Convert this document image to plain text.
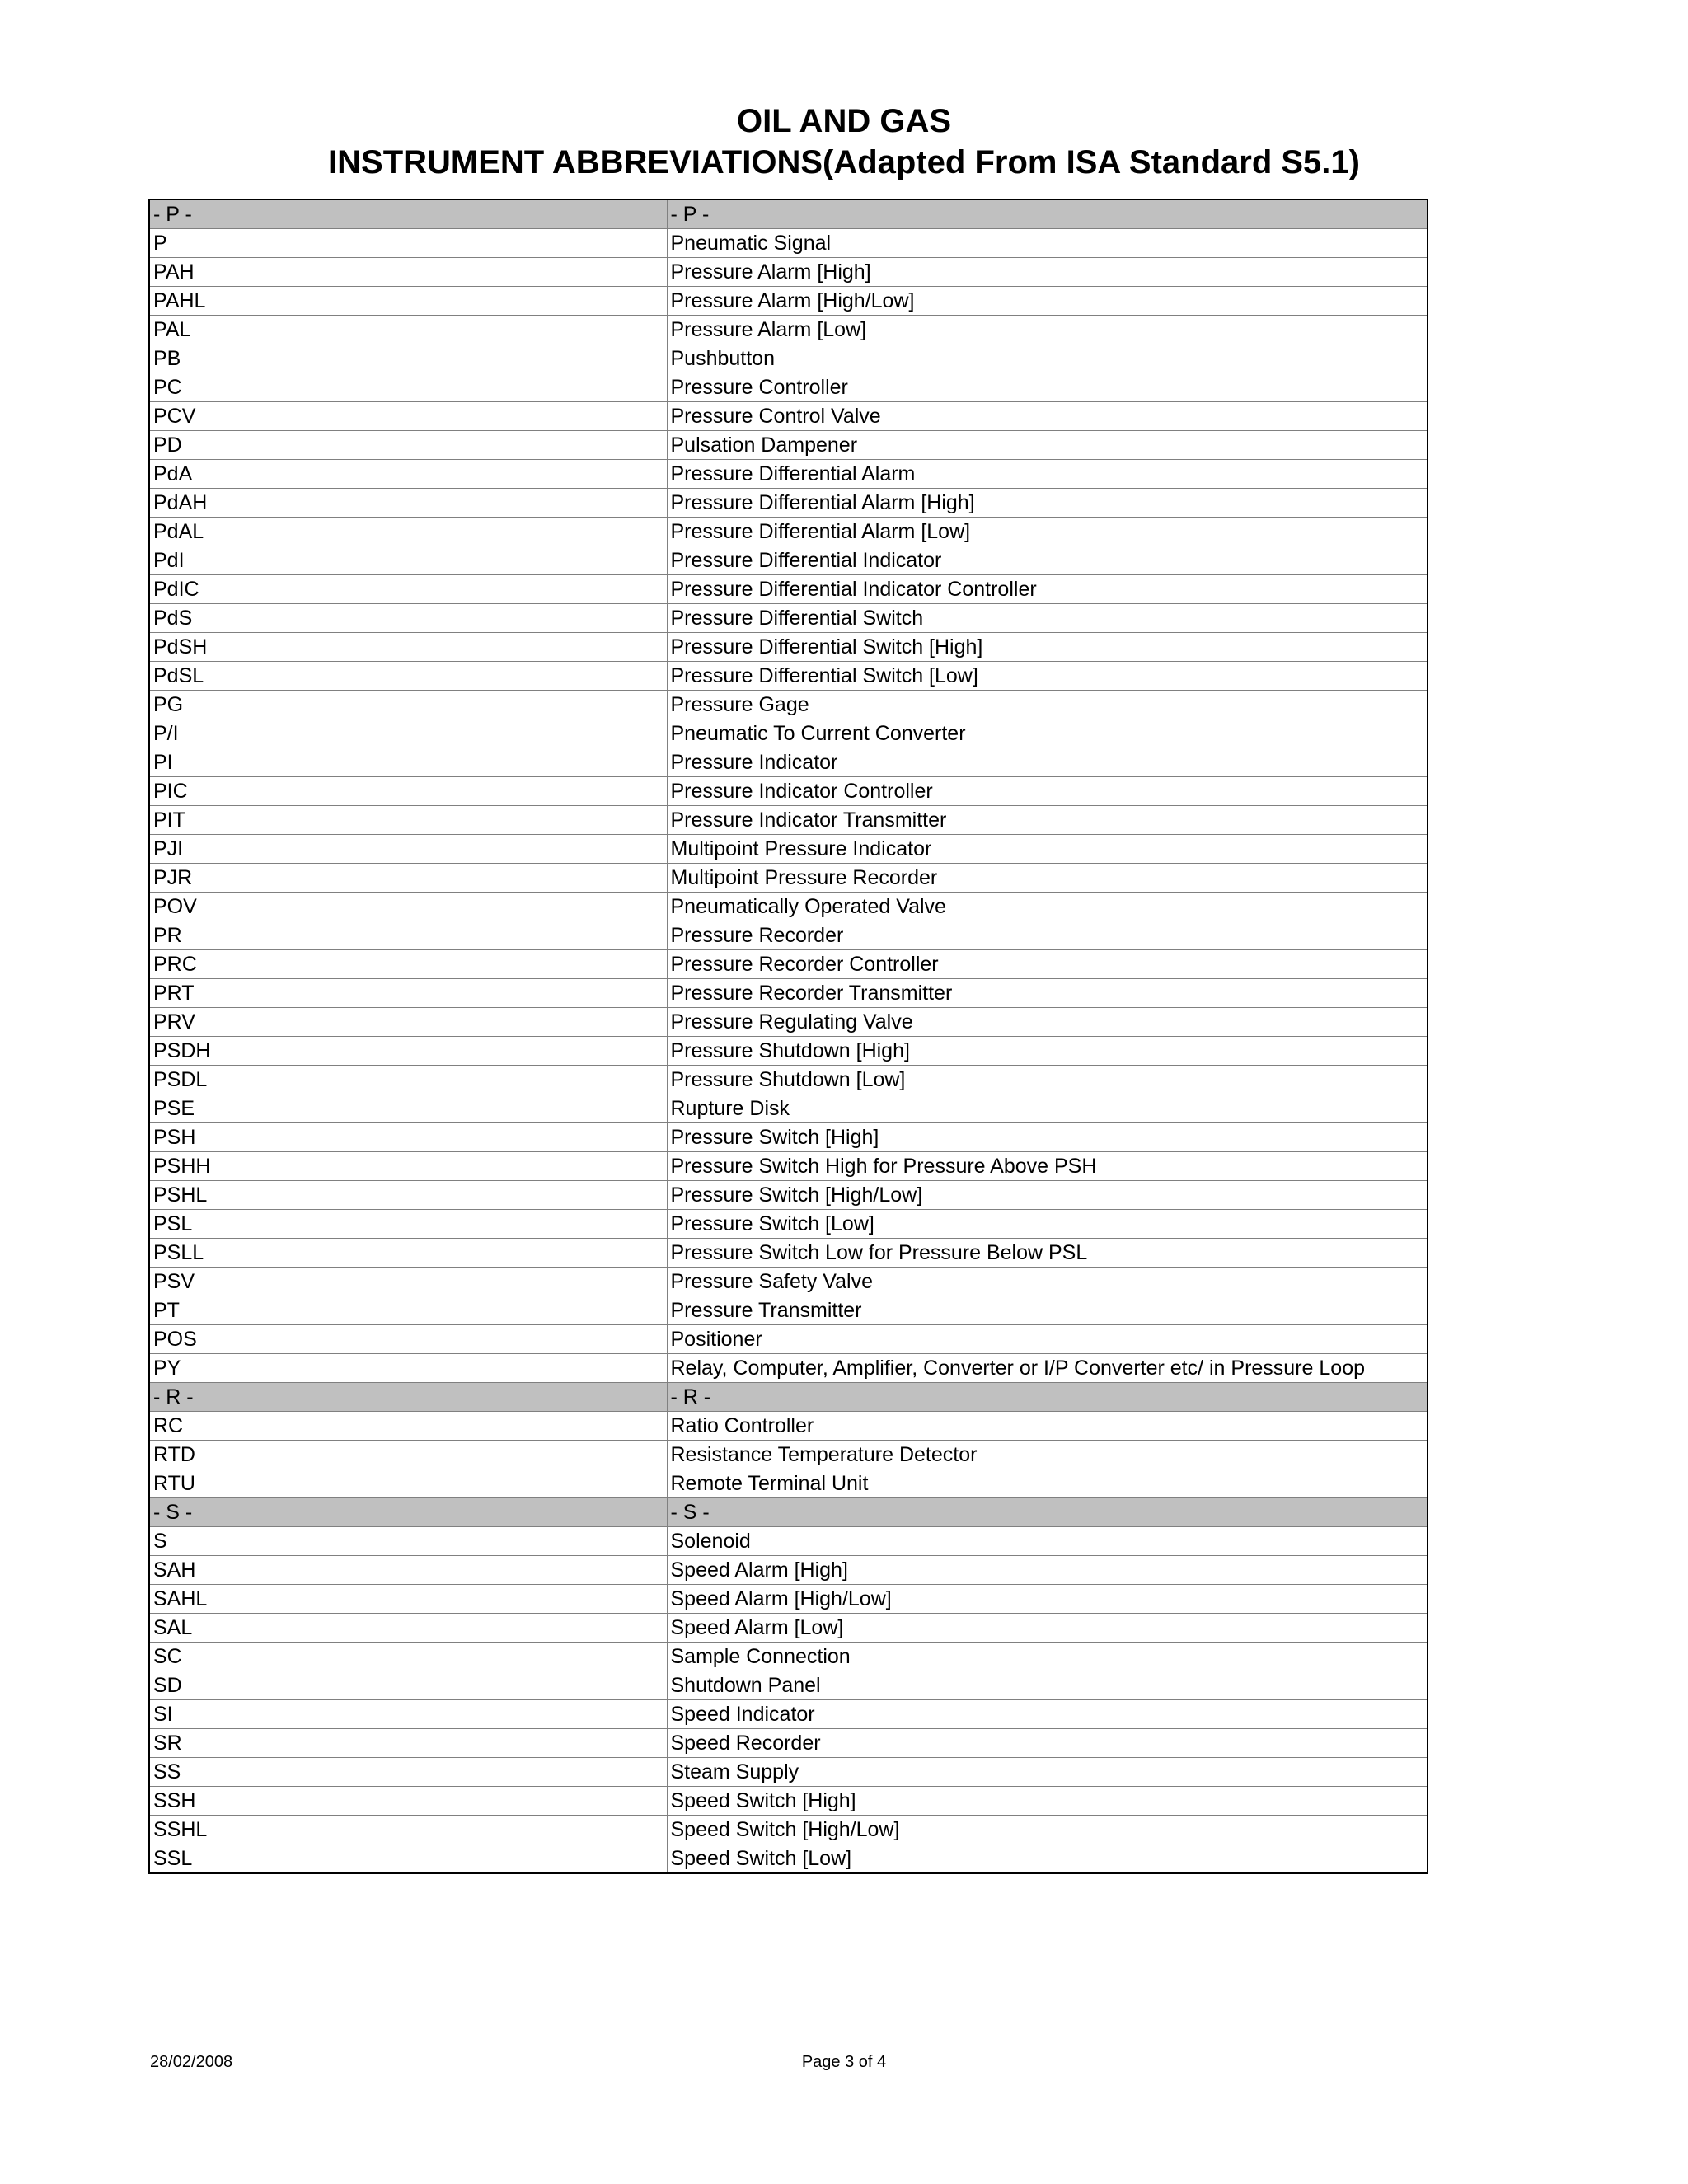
OIL AND GAS
INSTRUMENT ABBREVIATIONS(Adapted From ISA Standard S5.1)
- P -	- P -
P	Pneumatic Signal
PAH	Pressure Alarm [High]
PAHL	Pressure Alarm [High/Low]
PAL	Pressure Alarm [Low]
PB	Pushbutton
PC	Pressure Controller
PCV	Pressure Control Valve
PD	Pulsation Dampener
PdA	Pressure Differential Alarm
PdAH	Pressure Differential Alarm [High]
PdAL	Pressure Differential Alarm [Low]
PdI	Pressure Differential Indicator
PdIC	Pressure Differential Indicator Controller
PdS	Pressure Differential Switch
PdSH	Pressure Differential Switch [High]
PdSL	Pressure Differential Switch [Low]
PG	Pressure Gage
P/I	Pneumatic To Current Converter
PI	Pressure Indicator
PIC	Pressure Indicator Controller
PIT	Pressure Indicator Transmitter
PJI	Multipoint Pressure Indicator
PJR	Multipoint Pressure Recorder
POV	Pneumatically Operated Valve
PR	Pressure Recorder
PRC	Pressure Recorder Controller
PRT	Pressure Recorder Transmitter
PRV	Pressure Regulating Valve
PSDH	Pressure Shutdown [High]
PSDL	Pressure Shutdown [Low]
PSE	Rupture Disk
PSH	Pressure Switch [High]
PSHH	Pressure Switch High for Pressure Above PSH
PSHL	Pressure Switch [High/Low]
PSL	Pressure Switch [Low]
PSLL	Pressure Switch Low for Pressure Below PSL
PSV	Pressure Safety Valve
PT	Pressure Transmitter
POS	Positioner
PY	Relay, Computer, Amplifier, Converter or I/P Converter etc/ in Pressure Loop
- R -	- R -
RC	Ratio Controller
RTD	Resistance Temperature Detector
RTU	Remote Terminal Unit
- S -	- S -
S	Solenoid
SAH	Speed Alarm [High]
SAHL	Speed Alarm [High/Low]
SAL	Speed Alarm [Low]
SC	Sample Connection
SD	Shutdown Panel
SI	Speed Indicator
SR	Speed Recorder
SS	Steam Supply
SSH	Speed Switch [High]
SSHL	Speed Switch [High/Low]
SSL	Speed Switch [Low]
28/02/2008	Page 3 of 4
